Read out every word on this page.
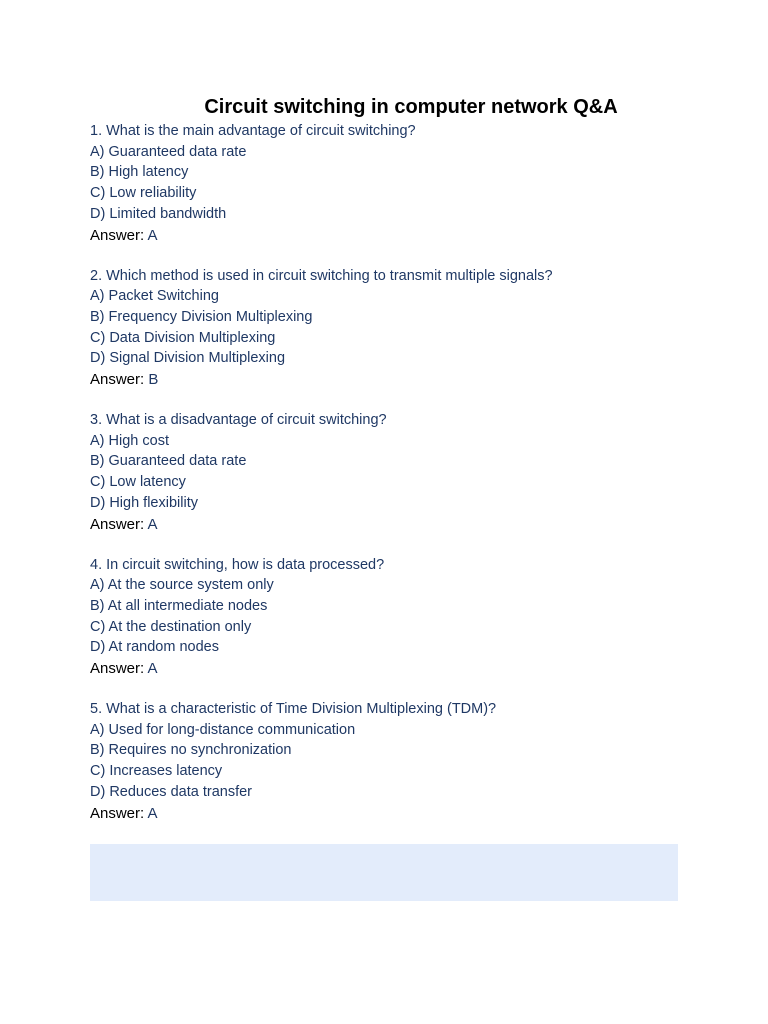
Circuit switching in computer network Q&A
1. What is the main advantage of circuit switching?
A) Guaranteed data rate
B) High latency
C) Low reliability
D) Limited bandwidth
Answer: A
2. Which method is used in circuit switching to transmit multiple signals?
A) Packet Switching
B) Frequency Division Multiplexing
C) Data Division Multiplexing
D) Signal Division Multiplexing
Answer: B
3. What is a disadvantage of circuit switching?
A) High cost
B) Guaranteed data rate
C) Low latency
D) High flexibility
Answer: A
4. In circuit switching, how is data processed?
A) At the source system only
B) At all intermediate nodes
C) At the destination only
D) At random nodes
Answer: A
5. What is a characteristic of Time Division Multiplexing (TDM)?
A) Used for long-distance communication
B) Requires no synchronization
C) Increases latency
D) Reduces data transfer
Answer: A
